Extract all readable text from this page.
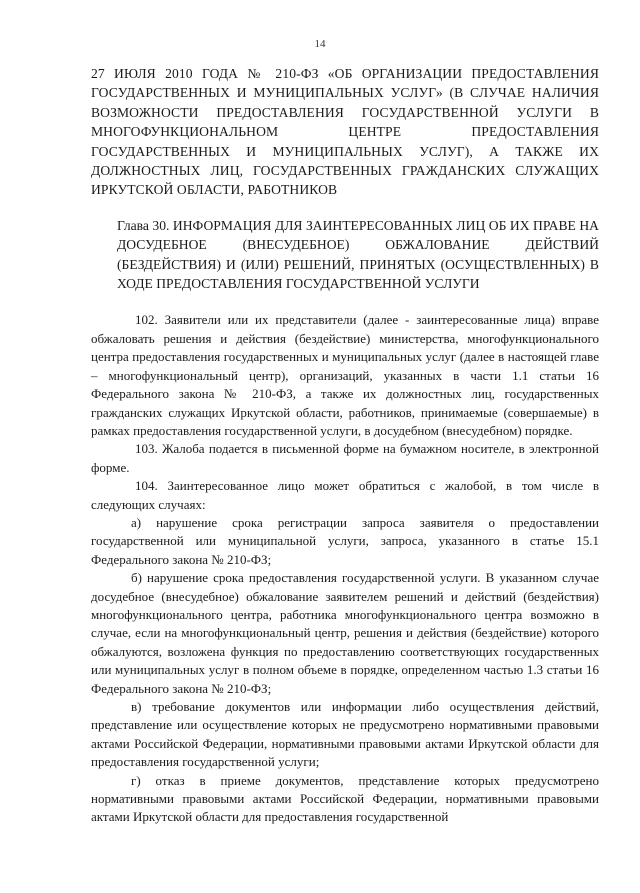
14
27 ИЮЛЯ 2010 ГОДА № 210-ФЗ «ОБ ОРГАНИЗАЦИИ ПРЕДОСТАВЛЕНИЯ ГОСУДАРСТВЕННЫХ И МУНИЦИПАЛЬНЫХ УСЛУГ» (В СЛУЧАЕ НАЛИЧИЯ ВОЗМОЖНОСТИ ПРЕДОСТАВЛЕНИЯ ГОСУДАРСТВЕННОЙ УСЛУГИ В МНОГОФУНКЦИОНАЛЬНОМ ЦЕНТРЕ ПРЕДОСТАВЛЕНИЯ ГОСУДАРСТВЕННЫХ И МУНИЦИПАЛЬНЫХ УСЛУГ), А ТАКЖЕ ИХ ДОЛЖНОСТНЫХ ЛИЦ, ГОСУДАРСТВЕННЫХ ГРАЖДАНСКИХ СЛУЖАЩИХ ИРКУТСКОЙ ОБЛАСТИ, РАБОТНИКОВ
Глава 30. ИНФОРМАЦИЯ ДЛЯ ЗАИНТЕРЕСОВАННЫХ ЛИЦ ОБ ИХ ПРАВЕ НА ДОСУДЕБНОЕ (ВНЕСУДЕБНОЕ) ОБЖАЛОВАНИЕ ДЕЙСТВИЙ (БЕЗДЕЙСТВИЯ) И (ИЛИ) РЕШЕНИЙ, ПРИНЯТЫХ (ОСУЩЕСТВЛЕННЫХ) В ХОДЕ ПРЕДОСТАВЛЕНИЯ ГОСУДАРСТВЕННОЙ УСЛУГИ

102. Заявители или их представители (далее - заинтересованные лица) вправе обжаловать решения и действия (бездействие) министерства, многофункционального центра предоставления государственных и муниципальных услуг (далее в настоящей главе – многофункциональный центр), организаций, указанных в части 1.1 статьи 16 Федерального закона № 210-ФЗ, а также их должностных лиц, государственных гражданских служащих Иркутской области, работников, принимаемые (совершаемые) в рамках предоставления государственной услуги, в досудебном (внесудебном) порядке.

103. Жалоба подается в письменной форме на бумажном носителе, в электронной форме.

104. Заинтересованное лицо может обратиться с жалобой, в том числе в следующих случаях:

а) нарушение срока регистрации запроса заявителя о предоставлении государственной или муниципальной услуги, запроса, указанного в статье 15.1 Федерального закона № 210-ФЗ;

б) нарушение срока предоставления государственной услуги. В указанном случае досудебное (внесудебное) обжалование заявителем решений и действий (бездействия) многофункционального центра, работника многофункционального центра возможно в случае, если на многофункциональный центр, решения и действия (бездействие) которого обжалуются, возложена функция по предоставлению соответствующих государственных или муниципальных услуг в полном объеме в порядке, определенном частью 1.3 статьи 16 Федерального закона № 210-ФЗ;

в) требование документов или информации либо осуществления действий, представление или осуществление которых не предусмотрено нормативными правовыми актами Российской Федерации, нормативными правовыми актами Иркутской области для предоставления государственной услуги;

г) отказ в приеме документов, представление которых предусмотрено нормативными правовыми актами Российской Федерации, нормативными правовыми актами Иркутской области для предоставления государственной
